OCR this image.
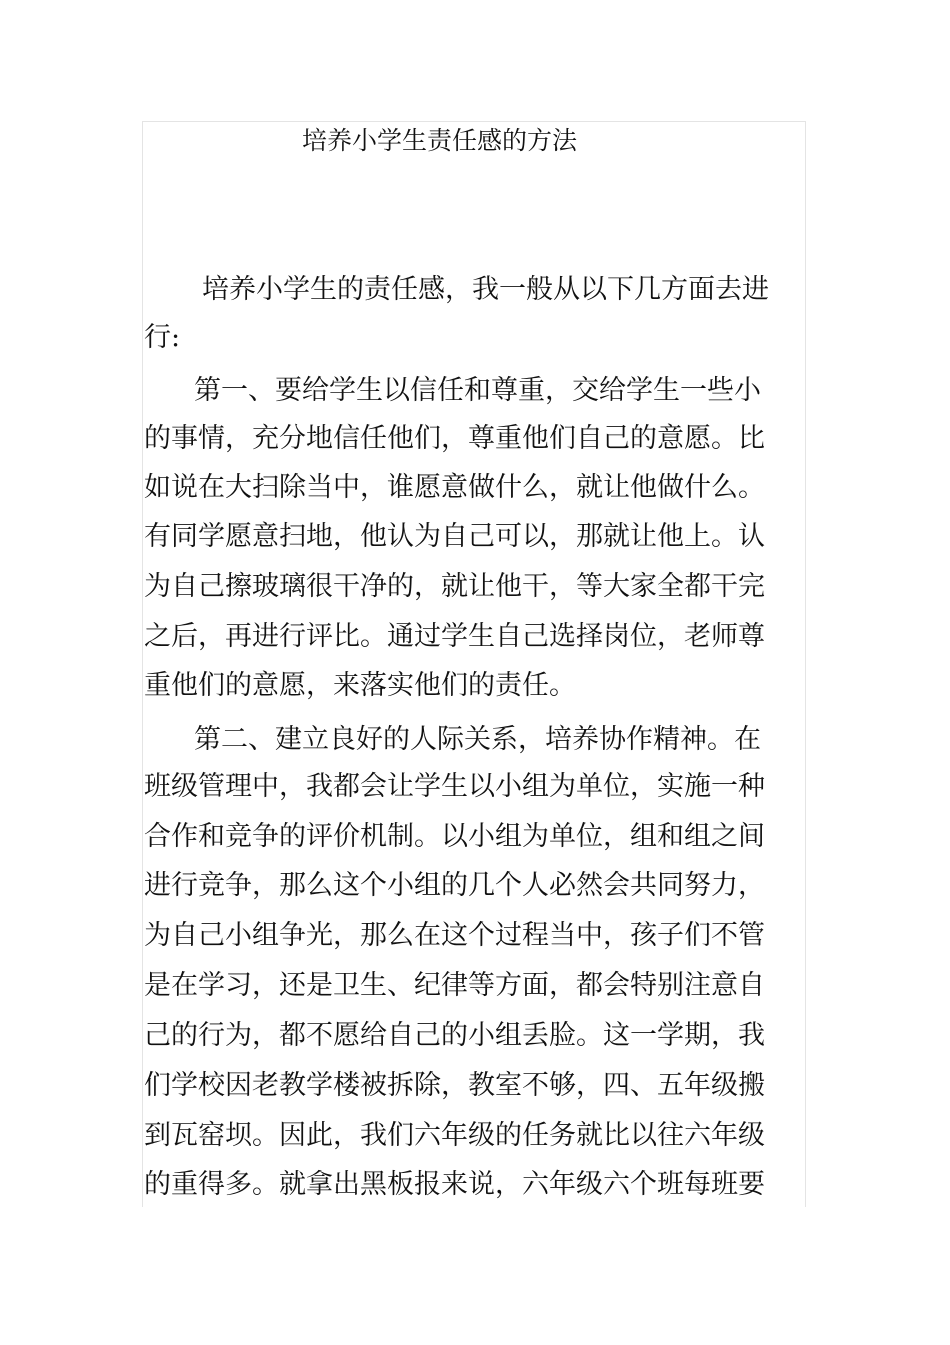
培养小学生责任感的方法

培养小学生的责任感，我一般从以下几方面去进

行:

第一、要给学生以信任和尊重，交给学生一些小

的事情，充分地信任他们，尊重他们自己的意愿。比

如说在大扫除当中，谁愿意做什么，就让他做什么。

有同学愿意扫地，他认为自己可以，那就让他上。认

为自己擦玻璃很干净的，就让他干，等大家全都干完

之后，再进行评比。通过学生自己选择岗位，老师尊

重他们的意愿，来落实他们的责任。

第二、建立良好的人际关系，培养协作精神。在

班级管理中，我都会让学生以小组为单位，实施一种

合作和竞争的评价机制。以小组为单位，组和组之间

进行竞争，那么这个小组的几个人必然会共同努力，

为自己小组争光，那么在这个过程当中，孩子们不管

是在学习，还是卫生、纪律等方面，都会特别注意自

己的行为，都不愿给自己的小组丢脸。这一学期，我

们学校因老教学楼被拆除，教室不够，四、五年级搬

到瓦窑坝。因此，我们六年级的任务就比以往六年级

的重得多。就拿出黑板报来说，六年级六个班每班要
